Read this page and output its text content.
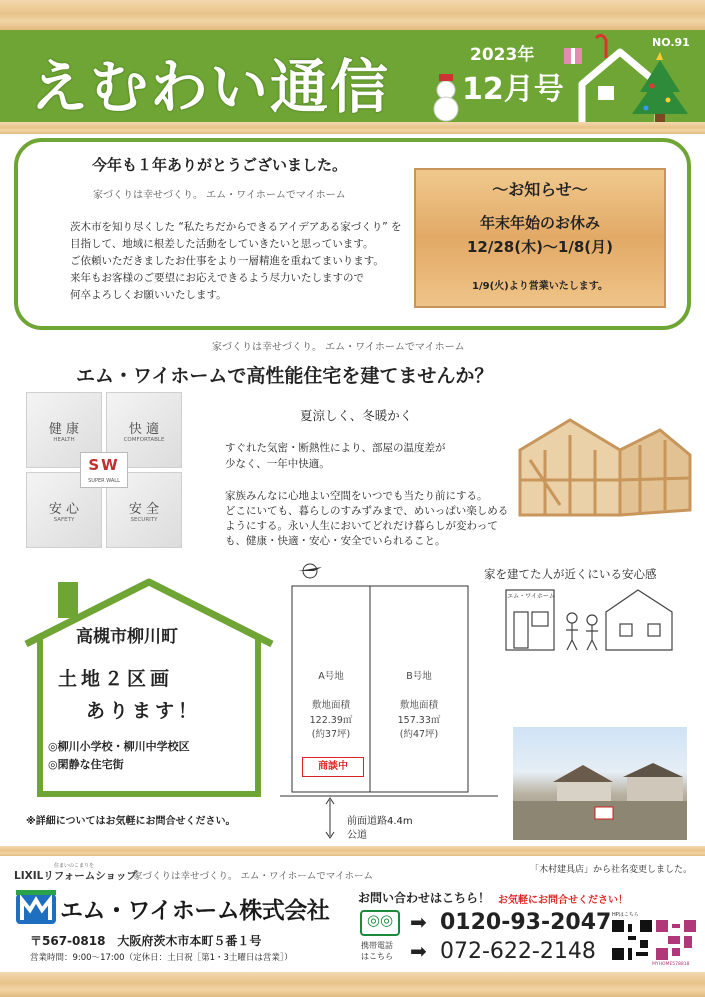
えむわい通信	2023年
12月号
NO.91
今年も１年ありがとうございました。
家づくりは幸せづくり。 エム・ワイホームでマイホーム
茨木市を知り尽くした “私たちだからできるアイデアある家づくり” を
目指して、地域に根差した活動をしていきたいと思っています。
ご依頼いただきましたお仕事をより一層精進を重ねてまいります。
来年もお客様のご要望にお応えできるよう尽力いたしますので
何卒よろしくお願いいたします。
～お知らせ～
年末年始のお休み
12/28(木)～1/8(月)
1/9(火)より営業いたします。
家づくりは幸せづくり。 エム・ワイホームでマイホーム
エム・ワイホームで高性能住宅を建てませんか？
健 康
HEALTH
快 適
COMFORTABLE
安 心
SAFETY
安 全
SECURITY
SW
SUPER WALL
夏涼しく、冬暖かく
すぐれた気密・断熱性により、部屋の温度差が
少なく、一年中快適。
家族みんなに心地よい空間をいつでも当たり前にする。
どこにいても、暮らしのすみずみまで、めいっぱい楽しめる
ようにする。永い人生においてどれだけ暮らしが変わって
も、健康・快適・安心・安全でいられること。
高槻市柳川町
土地２区画
あります！
◎柳川小学校・柳川中学校区
◎閑静な住宅街
※詳細についてはお気軽にお問合せください。
A号地
敷地面積
122.39㎡
(約37坪)
B号地
敷地面積
157.33㎡
(約47坪)
商談中
前面道路4.4m
公道
家を建てた人が近くにいる安心感
エム・ワイホーム
住まいのこまりを
LIXILリフォームショップ
家づくりは幸せづくり。 エム・ワイホームでマイホーム
「木村建具店」から社名変更しました。
エム・ワイホーム株式会社
〒567-0818　大阪府茨木市本町５番１号
営業時間：9:00～17:00（定休日：土日祝［第1・3土曜日は営業］）
お問い合わせはこちら！ お気軽にお問合せください！
◎◎
携帯電話
はこちら
➡
➡
0120-93-2047
072-622-2148
HPはこちら
MYHOME578818
